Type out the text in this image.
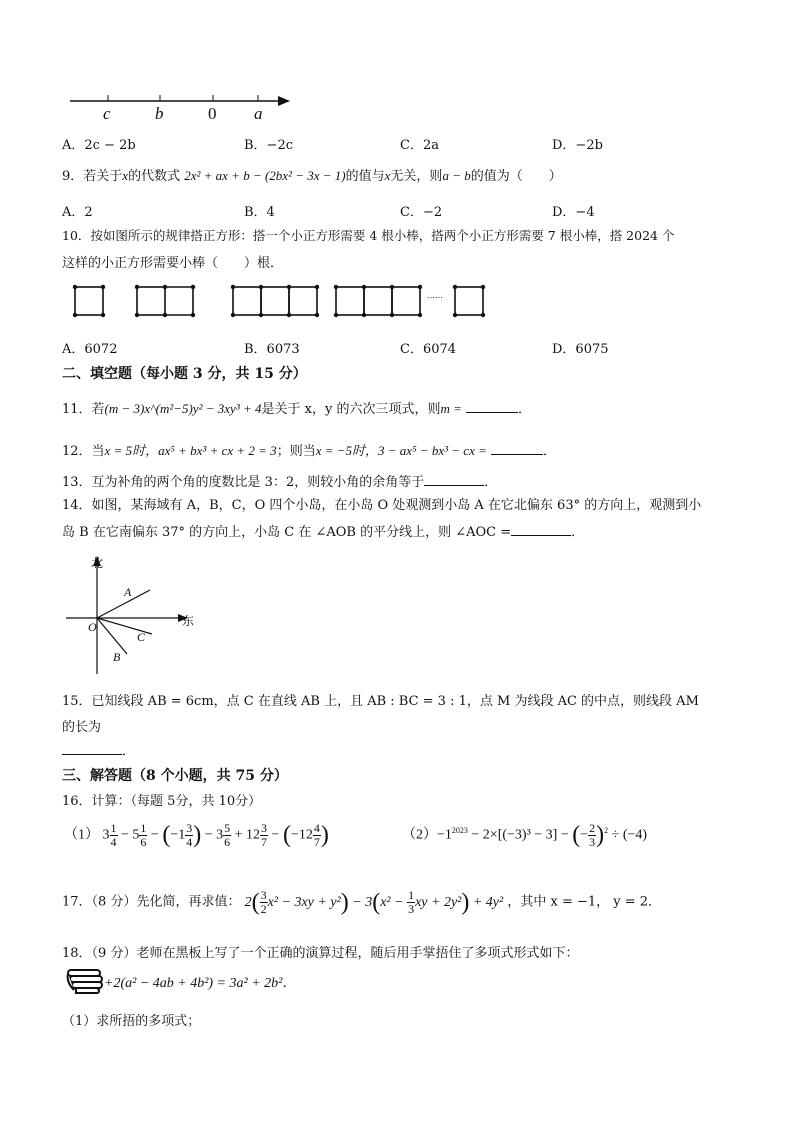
c	b	0 a
A．2c − 2b	B．−2c	C．2a	D．−2b
9．若关于x的代数式 2x² + ax + b − (2bx² − 3x − 1)的值与x无关，则a − b的值为（　　）
A．2	B．4	C．−2	D．−4
10．按如图所示的规律搭正方形：搭一个小正方形需要 4 根小棒，搭两个小正方形需要 7 根小棒，搭 2024 个
这样的小正方形需要小棒（　　）根．
……
A．6072	B．6073	C．6074	D．6075
二、填空题（每小题 3 分，共 15 分）
11．若(m − 3)x^(m²−5)y² − 3xy³ + 4是关于 x，y 的六次三项式，则m =	．
12．当x = 5时，ax⁵ + bx³ + cx + 2 = 3；则当x = −5时，3 − ax⁵ − bx³ − cx =	．
13．互为补角的两个角的度数比是 3：2，则较小角的余角等于	．
14．如图，某海域有 A，B，C，O 四个小岛，在小岛 O 处观测到小岛 A 在它北偏东 63° 的方向上，观测到小
岛 B 在它南偏东 37° 的方向上，小岛 C 在 ∠AOB 的平分线上，则 ∠AOC =	．
北
东
O
A
C
B
15．已知线段 AB = 6cm，点 C 在直线 AB 上，且 AB : BC = 3 : 1，点 M 为线段 AC 的中点，则线段 AM
的长为
．
三、解答题（8 个小题，共 75 分）
16．计算：（每题 5分，共 10分）
（1） $3 \frac{1}{4} - 5 \frac{1}{6} - (-1 \frac{3}{4}$ ) − $3 \frac{5}{6} + 12 \frac{3}{7} - (-12 \frac{4}{7}$ )	$(2)-1^{2023} - 2\times[(-3)^3 - 3]$ − (− $\frac{2}{3} )^2 \div (-4)$
17．（8 分）先化简，再求值： $2( \frac{3}{2} x^2 - 3xy + y^2) - 3(x^2 - \frac{1}{3}$ xy + 2y²) + 4y² ，其中 x = −1， y = 2．
18．（9 分）老师在黑板上写了一个正确的演算过程，随后用手掌捂住了多项式形式如下：
+2(a² − 4ab + 4b²) = 3a² + 2b²．
（1）求所捂的多项式；
